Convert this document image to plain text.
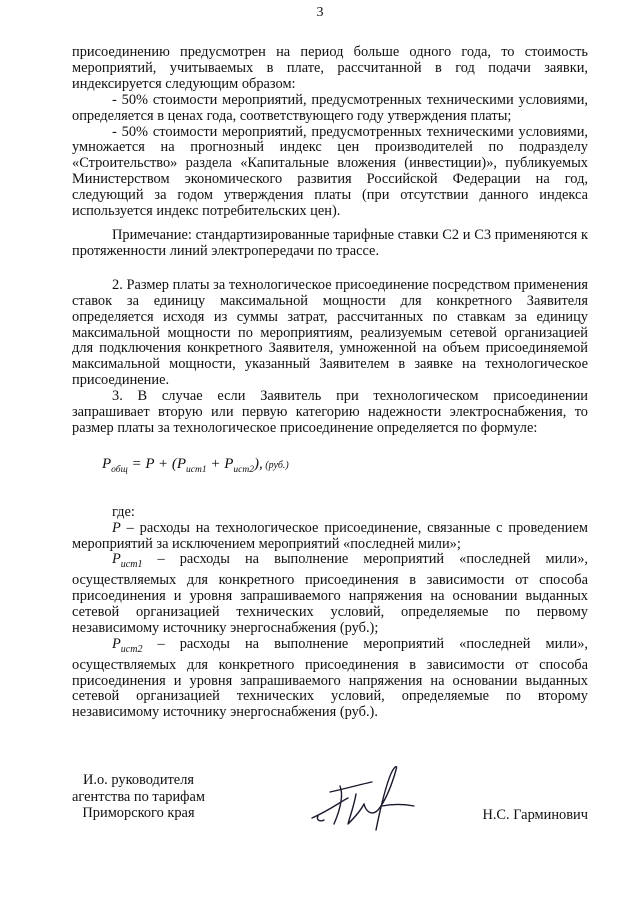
3

присоединению предусмотрен на период больше одного года, то стоимость мероприятий, учитываемых в плате, рассчитанной в год подачи заявки, индексируется следующим образом:

- 50% стоимости мероприятий, предусмотренных техническими условиями, определяется в ценах года, соответствующего году утверждения платы;

- 50% стоимости мероприятий, предусмотренных техническими условиями, умножается на прогнозный индекс цен производителей по подразделу «Строительство» раздела «Капитальные вложения (инвестиции)», публикуемых Министерством экономического развития Российской Федерации на год, следующий за годом утверждения платы (при отсутствии данного индекса используется индекс потребительских цен).

Примечание: стандартизированные тарифные ставки С2 и С3 применяются к протяженности линий электропередачи по трассе.

2. Размер платы за технологическое присоединение посредством применения ставок за единицу максимальной мощности для конкретного Заявителя определяется исходя из суммы затрат, рассчитанных по ставкам за единицу максимальной мощности по мероприятиям, реализуемым сетевой организацией для подключения конкретного Заявителя, умноженной на объем присоединяемой максимальной мощности, указанный Заявителем в заявке на технологическое присоединение.

3. В случае если Заявитель при технологическом присоединении запрашивает вторую или первую категорию надежности электроснабжения, то размер платы за технологическое присоединение определяется по формуле:

$P_{общ} = P + (P_{ист1} + P_{ист2})$, (руб.)

где:

P – расходы на технологическое присоединение, связанные с проведением мероприятий за исключением мероприятий «последней мили»;

$P_{ист1}$ – расходы на выполнение мероприятий «последней мили», осуществляемых для конкретного присоединения в зависимости от способа присоединения и уровня запрашиваемого напряжения на основании выданных сетевой организацией технических условий, определяемые по первому независимому источнику энергоснабжения (руб.);

$P_{ист2}$ – расходы на выполнение мероприятий «последней мили», осуществляемых для конкретного присоединения в зависимости от способа присоединения и уровня запрашиваемого напряжения на основании выданных сетевой организацией технических условий, определяемые по второму независимому источнику энергоснабжения (руб.).

И.о. руководителя
агентства по тарифам
Приморского края	Н.С. Гарминович
